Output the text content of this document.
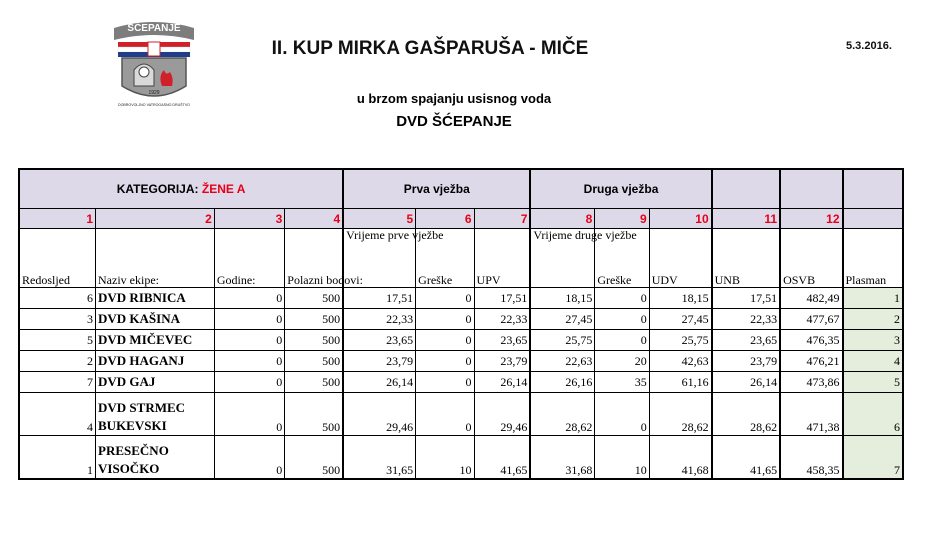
ŠĆEPANJE
1929
DOBROVOLJNO VATROGASNO DRUŠTVO
II. KUP MIRKA GAŠPARUŠA - MIČE	5.3.2016.
u brzom spajanju usisnog voda
DVD ŠĆEPANJE
KATEGORIJA: ŽENE A				Prva vježba			Druga vježba					
1	2	3	4	5	6	7	8	9	10	11	12	
Redosljed	Naziv ekipe:	Godine:	Polazni bodovi:	Vrijeme prve vježbe	Greške	UPV	Vrijeme druge vježbe	Greške	UDV	UNB	OSVB	Plasman
6	DVD RIBNICA	0	500	17,51	0	17,51	18,15	0	18,15	17,51	482,49	1
3	DVD KAŠINA	0	500	22,33	0	22,33	27,45	0	27,45	22,33	477,67	2
5	DVD MIČEVEC	0	500	23,65	0	23,65	25,75	0	25,75	23,65	476,35	3
2	DVD HAGANJ	0	500	23,79	0	23,79	22,63	20	42,63	23,79	476,21	4
7	DVD GAJ	0	500	26,14	0	26,14	26,16	35	61,16	26,14	473,86	5
4	DVD STRMEC BUKEVSKI	0	500	29,46	0	29,46	28,62	0	28,62	28,62	471,38	6
1	PRESEČNO VISOČKO	0	500	31,65	10	41,65	31,68	10	41,68	41,65	458,35	7
